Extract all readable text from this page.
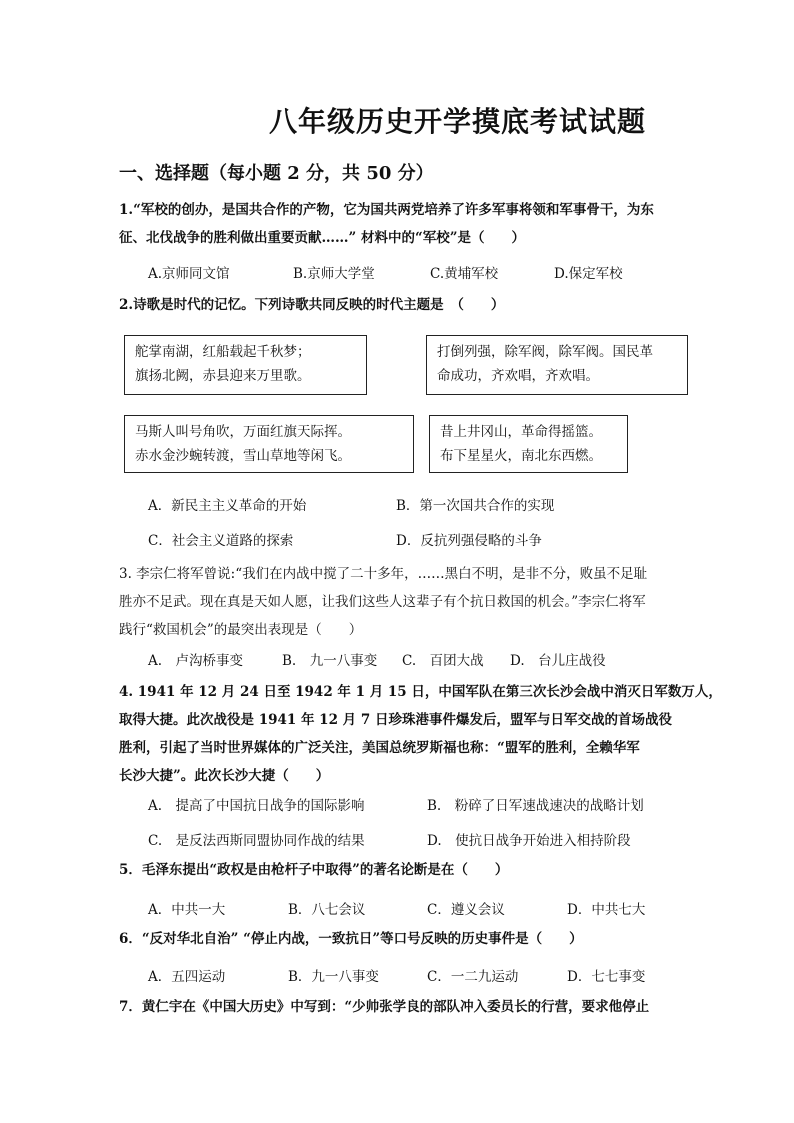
八年级历史开学摸底考试试题
一、选择题（每小题 2 分，共 50 分）

1.“军校的创办，是国共合作的产物，它为国共两党培养了许多军事将领和军事骨干，为东

征、北伐战争的胜利做出重要贡献……” 材料中的“军校”是（　　）

A.京师同文馆	B.京师大学堂	C.黄埔军校	D.保定军校

2.诗歌是时代的记忆。下列诗歌共同反映的时代主题是　（　　）

舵掌南湖，红船载起千秋梦；

旗扬北阙，赤县迎来万里歌。

打倒列强，除军阀，除军阀。国民革

命成功，齐欢唱，齐欢唱。

马斯人叫号角吹，万面红旗天际挥。

赤水金沙蜿转渡，雪山草地等闲飞。

昔上井冈山，革命得摇篮。

布下星星火，南北东西燃。

A．新民主主义革命的开始	B．第一次国共合作的实现
C．社会主义道路的探索	D．反抗列强侵略的斗争

3. 李宗仁将军曾说:“我们在内战中搅了二十多年，……黑白不明，是非不分，败虽不足耻

胜亦不足武。现在真是天如人愿，让我们这些人这辈子有个抗日救国的机会。”李宗仁将军

践行“救国机会”的最突出表现是（　　）

A.　卢沟桥事变	B.　九一八事变 C.　百团大战 D.　台儿庄战役

4. 1941 年 12 月 24 日至 1942 年 1 月 15 日，中国军队在第三次长沙会战中消灭日军数万人，

取得大捷。此次战役是 1941 年 12 月 7 日珍珠港事件爆发后，盟军与日军交战的首场战役

胜利，引起了当时世界媒体的广泛关注，美国总统罗斯福也称：“盟军的胜利，全赖华军

长沙大捷”。此次长沙大捷（　　）

A.　提高了中国抗日战争的国际影响	B.　粉碎了日军速战速决的战略计划
C.　是反法西斯同盟协同作战的结果	D.　使抗日战争开始进入相持阶段

5．毛泽东提出“政权是由枪杆子中取得”的著名论断是在（　　）

A．中共一大	B．八七会议	C．遵义会议	D．中共七大

6．“反对华北自治” “停止内战，一致抗日”等口号反映的历史事件是（　　）

A．五四运动	B．九一八事变	C．一二九运动	D．七七事变

7．黄仁宇在《中国大历史》中写到：“少帅张学良的部队冲入委员长的行营，要求他停止
